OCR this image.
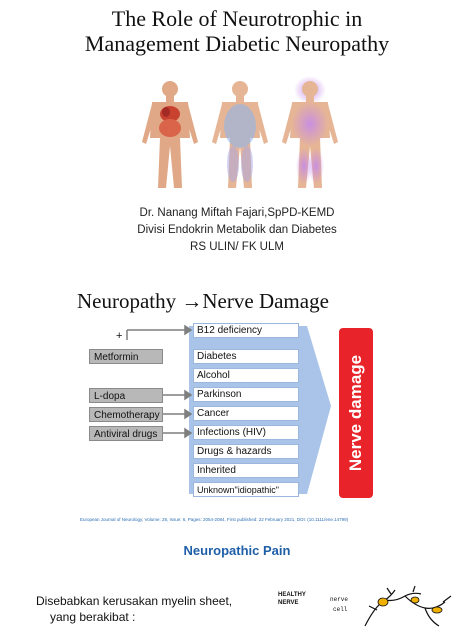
The Role of Neurotrophic in
Management Diabetic Neuropathy
Dr. Nanang Miftah Fajari,SpPD-KEMD
Divisi Endokrin Metabolik dan Diabetes
RS ULIN/ FK ULM
Neuropathy →Nerve Damage
+
Metformin
L-dopa
Chemotherapy
Antiviral drugs
B12 deficiency
Diabetes
Alcohol
Parkinson
Cancer
Infections (HIV)
Drugs & hazards
Inherited
Unknown"idiopathic"
Nerve damage
European Journal of Neurology, Volume: 28, Issue: 6, Pages: 2054-2084, First published: 22 February 2021, DOI: (10.1111/ene.14799)
Neuropathic Pain
Disebabkan kerusakan myelin sheet,
yang berakibat :
HEALTHY
NERVE	nerve
cell
